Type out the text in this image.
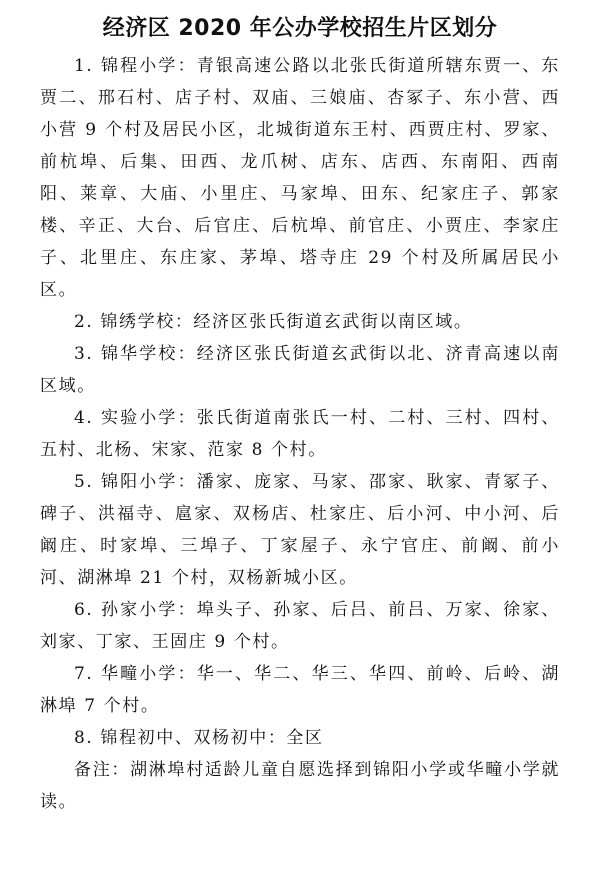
经济区 2020 年公办学校招生片区划分

1. 锦程小学：青银高速公路以北张氏街道所辖东贾一、东贾二、邢石村、店子村、双庙、三娘庙、杏冢子、东小营、西小营 9 个村及居民小区，北城街道东王村、西贾庄村、罗家、前杭埠、后集、田西、龙爪树、店东、店西、东南阳、西南阳、莱章、大庙、小里庄、马家埠、田东、纪家庄子、郭家楼、辛正、大台、后官庄、后杭埠、前官庄、小贾庄、李家庄子、北里庄、东庄家、茅埠、塔寺庄 29 个村及所属居民小区。

2. 锦绣学校：经济区张氏街道玄武街以南区域。

3. 锦华学校：经济区张氏街道玄武街以北、济青高速以南区域。

4. 实验小学：张氏街道南张氏一村、二村、三村、四村、五村、北杨、宋家、范家 8 个村。

5. 锦阳小学：潘家、庞家、马家、邵家、耿家、青冢子、碑子、洪福寺、扈家、双杨店、杜家庄、后小河、中小河、后阚庄、时家埠、三埠子、丁家屋子、永宁官庄、前阚、前小河、湖淋埠 21 个村，双杨新城小区。

6. 孙家小学：埠头子、孙家、后吕、前吕、万家、徐家、刘家、丁家、王固庄 9 个村。

7. 华疃小学：华一、华二、华三、华四、前岭、后岭、湖淋埠 7 个村。

8. 锦程初中、双杨初中：全区

备注：湖淋埠村适龄儿童自愿选择到锦阳小学或华疃小学就读。
